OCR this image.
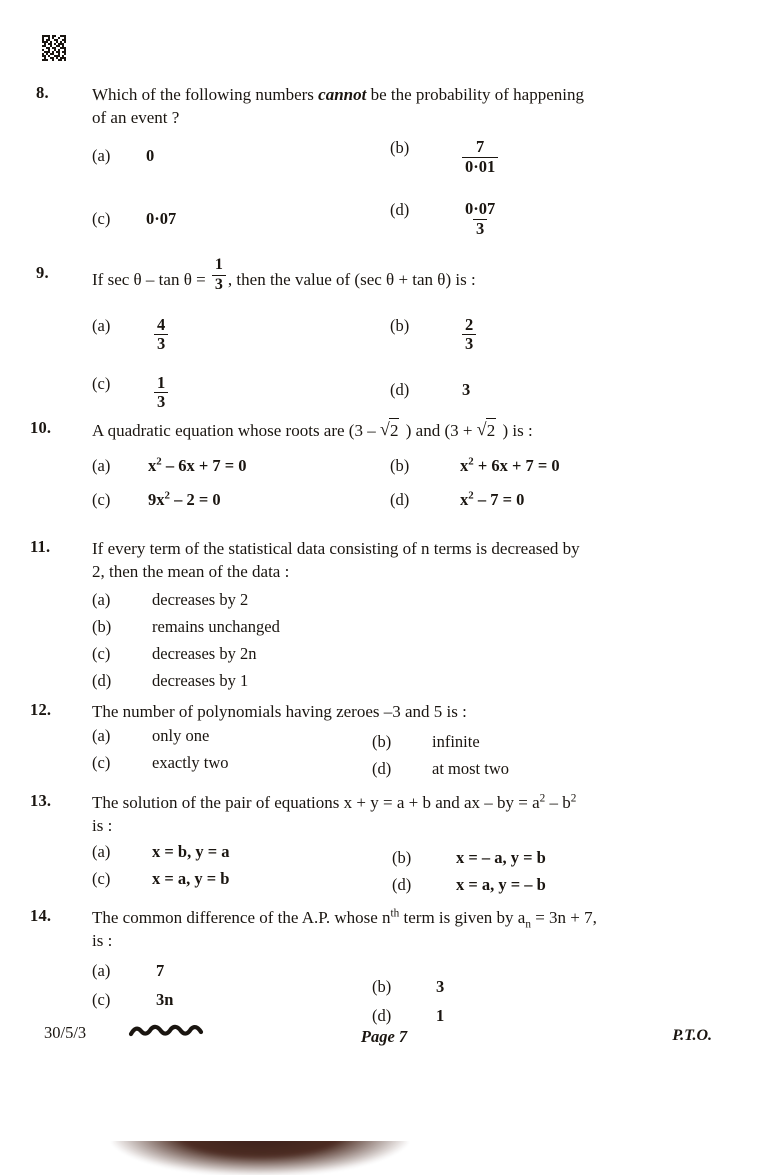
8.	Which of the following numbers cannot be the probability of happening
of an event ?
(a)	0	(b)	$\frac{7}{0\cdot 01}$
(c)	0·07	(d)	$\frac{0\cdot 07}{3}$
9.	If $\sec \theta - \tan \theta = \frac{1}{3}$ , then the value of (sec θ + tan θ) is :
(a)	$\frac{4}{3}$	(b)	$\frac{2}{3}$
(c)	$\frac{1}{3}$	(d)	3
10.	A quadratic equation whose roots are (3 – √ 2 ) and (3 + √ 2 ) is :
(a)	$x^2 - 6x + 7 = 0$	(b)	$x^2 + 6x + 7 = 0$
(c)	$9x^2 - 2 = 0$	(d)	$x^2 - 7 = 0$
11.	If every term of the statistical data consisting of n terms is decreased by
2, then the mean of the data :
(a)	decreases by 2
(b)	remains unchanged
(c)	decreases by 2n
(d)	decreases by 1
12.	The number of polynomials having zeroes –3 and 5 is :
(a)	only one	(b)	infinite
(c)	exactly two	(d)	at most two
13.	The solution of the pair of equations x + y = a + b and ax – by = $a^2 - b^2$
is :
(a)	x = b, y = a	(b)	x = – a, y = b
(c)	x = a, y = b	(d)	x = a, y = – b
14.	The common difference of the A.P. whose $n^{th}$ term is given by $a_n = 3n + 7$,
is :
(a)	7
(b)	3
(c)	3n
(d)	1
30/5/3	Page 7	P.T.O.
